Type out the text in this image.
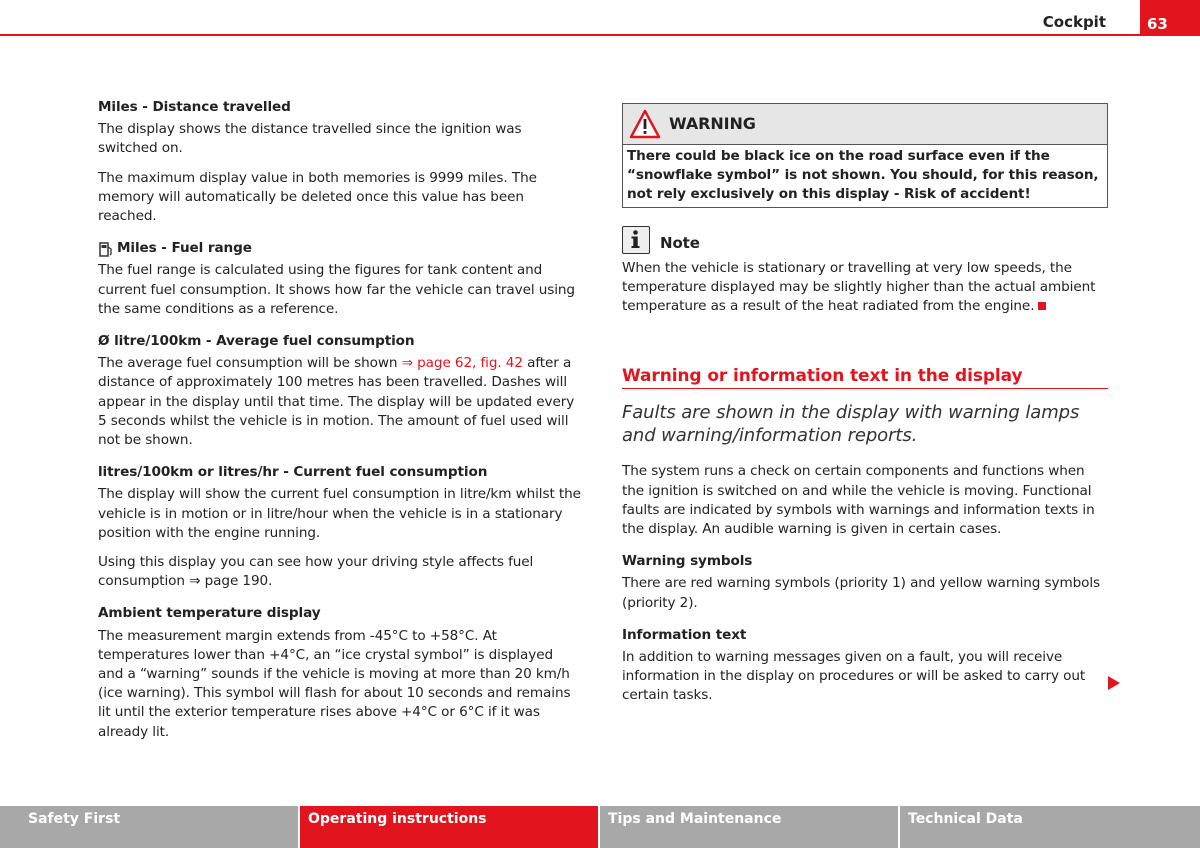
Cockpit	63
Miles - Distance travelled

The display shows the distance travelled since the ignition was switched on.

The maximum display value in both memories is 9999 miles. The memory will automatically be deleted once this value has been reached.

Miles - Fuel range

The fuel range is calculated using the figures for tank content and current fuel consumption. It shows how far the vehicle can travel using the same conditions as a reference.

Ø litre/100km - Average fuel consumption

The average fuel consumption will be shown ⇒ page 62, fig. 42 after a distance of approximately 100 metres has been travelled. Dashes will appear in the display until that time. The display will be updated every 5 seconds whilst the vehicle is in motion. The amount of fuel used will not be shown.

litres/100km or litres/hr - Current fuel consumption

The display will show the current fuel consumption in litre/km whilst the vehicle is in motion or in litre/hour when the vehicle is in a stationary position with the engine running.

Using this display you can see how your driving style affects fuel consumption ⇒ page 190.

Ambient temperature display

The measurement margin extends from -45°C to +58°C. At temperatures lower than +4°C, an “ice crystal symbol” is displayed and a “warning” sounds if the vehicle is moving at more than 20 km/h (ice warning). This symbol will flash for about 10 seconds and remains lit until the exterior temperature rises above +4°C or 6°C if it was already lit.

WARNING
There could be black ice on the road surface even if the “snowflake symbol” is not shown. You should, for this reason, not rely exclusively on this display - Risk of accident!
Note

When the vehicle is stationary or travelling at very low speeds, the temperature displayed may be slightly higher than the actual ambient temperature as a result of the heat radiated from the engine.

Warning or information text in the display
Faults are shown in the display with warning lamps and warning/information reports.

The system runs a check on certain components and functions when the ignition is switched on and while the vehicle is moving. Functional faults are indicated by symbols with warnings and information texts in the display. An audible warning is given in certain cases.

Warning symbols

There are red warning symbols (priority 1) and yellow warning symbols (priority 2).

Information text

In addition to warning messages given on a fault, you will receive information in the display on procedures or will be asked to carry out certain tasks.

Safety First	Operating instructions	Tips and Maintenance	Technical Data
